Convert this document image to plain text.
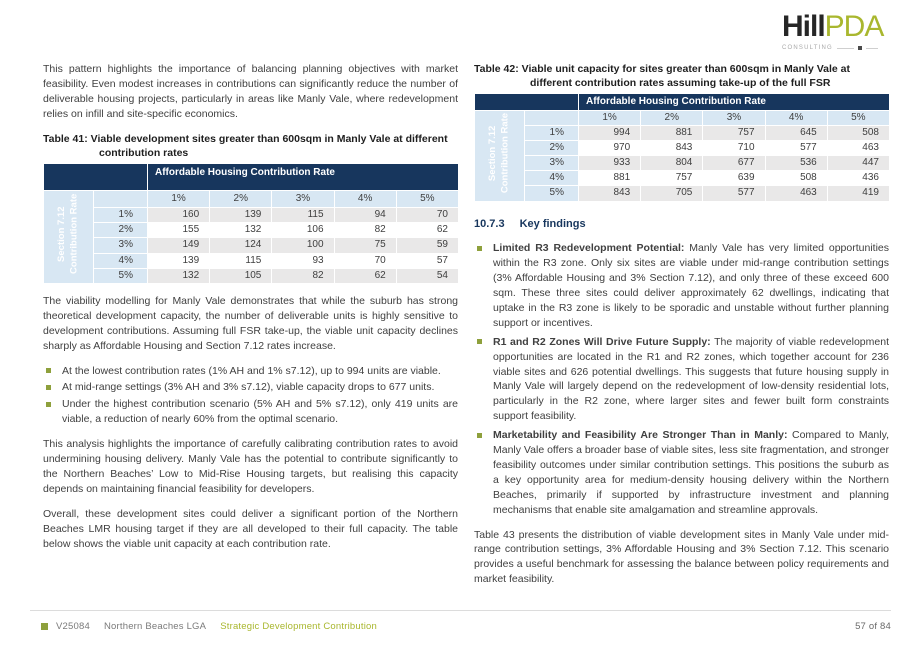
HillPDA
CONSULTING

This pattern highlights the importance of balancing planning objectives with market feasibility. Even modest increases in contributions can significantly reduce the number of deliverable housing projects, particularly in areas like Manly Vale, where redevelopment relies on infill and site-specific economics.

Table 41: Viable development sites greater than 600sqm in Manly Vale at different contribution rates
		Affordable Housing Contribution Rate				
Section 7.12 Contribution Rate		1%	2%	3%	4%	5%
	1%	160	139	115	94	70
	2%	155	132	106	82	62
	3%	149	124	100	75	59
	4%	139	115	93	70	57
	5%	132	105	82	62	54

The viability modelling for Manly Vale demonstrates that while the suburb has strong theoretical development capacity, the number of deliverable units is highly sensitive to development contributions. Assuming full FSR take-up, the viable unit capacity declines sharply as Affordable Housing and Section 7.12 rates increase.

At the lowest contribution rates (1% AH and 1% s7.12), up to 994 units are viable.
At mid-range settings (3% AH and 3% s7.12), viable capacity drops to 677 units.
Under the highest contribution scenario (5% AH and 5% s7.12), only 419 units are viable, a reduction of nearly 60% from the optimal scenario.

This analysis highlights the importance of carefully calibrating contribution rates to avoid undermining housing delivery. Manly Vale has the potential to contribute significantly to the Northern Beaches’ Low to Mid-Rise Housing targets, but realising this capacity depends on maintaining financial feasibility for developers.

Overall, these development sites could deliver a significant portion of the Northern Beaches LMR housing target if they are all developed to their full capacity. The table below shows the viable unit capacity at each contribution rate.

Table 42: Viable unit capacity for sites greater than 600sqm in Manly Vale at different contribution rates assuming take-up of the full FSR
		Affordable Housing Contribution Rate				
Section 7.12 Contribution Rate		1%	2%	3%	4%	5%
	1%	994	881	757	645	508
	2%	970	843	710	577	463
	3%	933	804	677	536	447
	4%	881	757	639	508	436
	5%	843	705	577	463	419
10.7.3 Key findings
Limited R3 Redevelopment Potential: Manly Vale has very limited opportunities within the R3 zone. Only six sites are viable under mid-range contribution settings (3% Affordable Housing and 3% Section 7.12), and only three of these exceed 600 sqm. These three sites could deliver approximately 62 dwellings, indicating that uptake in the R3 zone is likely to be sporadic and unstable without further planning support or incentives.
R1 and R2 Zones Will Drive Future Supply: The majority of viable redevelopment opportunities are located in the R1 and R2 zones, which together account for 236 viable sites and 626 potential dwellings. This suggests that future housing supply in Manly Vale will largely depend on the redevelopment of low-density residential lots, particularly in the R2 zone, where larger sites and fewer built form constraints support feasibility.
Marketability and Feasibility Are Stronger Than in Manly: Compared to Manly, Manly Vale offers a broader base of viable sites, less site fragmentation, and stronger feasibility outcomes under similar contribution settings. This positions the suburb as a key opportunity area for medium-density housing delivery within the Northern Beaches, primarily if supported by infrastructure investment and planning mechanisms that enable site amalgamation and streamline approvals.

Table 43 presents the distribution of viable development sites in Manly Vale under mid-range contribution settings, 3% Affordable Housing and 3% Section 7.12. This scenario provides a useful benchmark for assessing the balance between policy requirements and market feasibility.

V25084 Northern Beaches LGA Strategic Development Contribution	57 of 84
